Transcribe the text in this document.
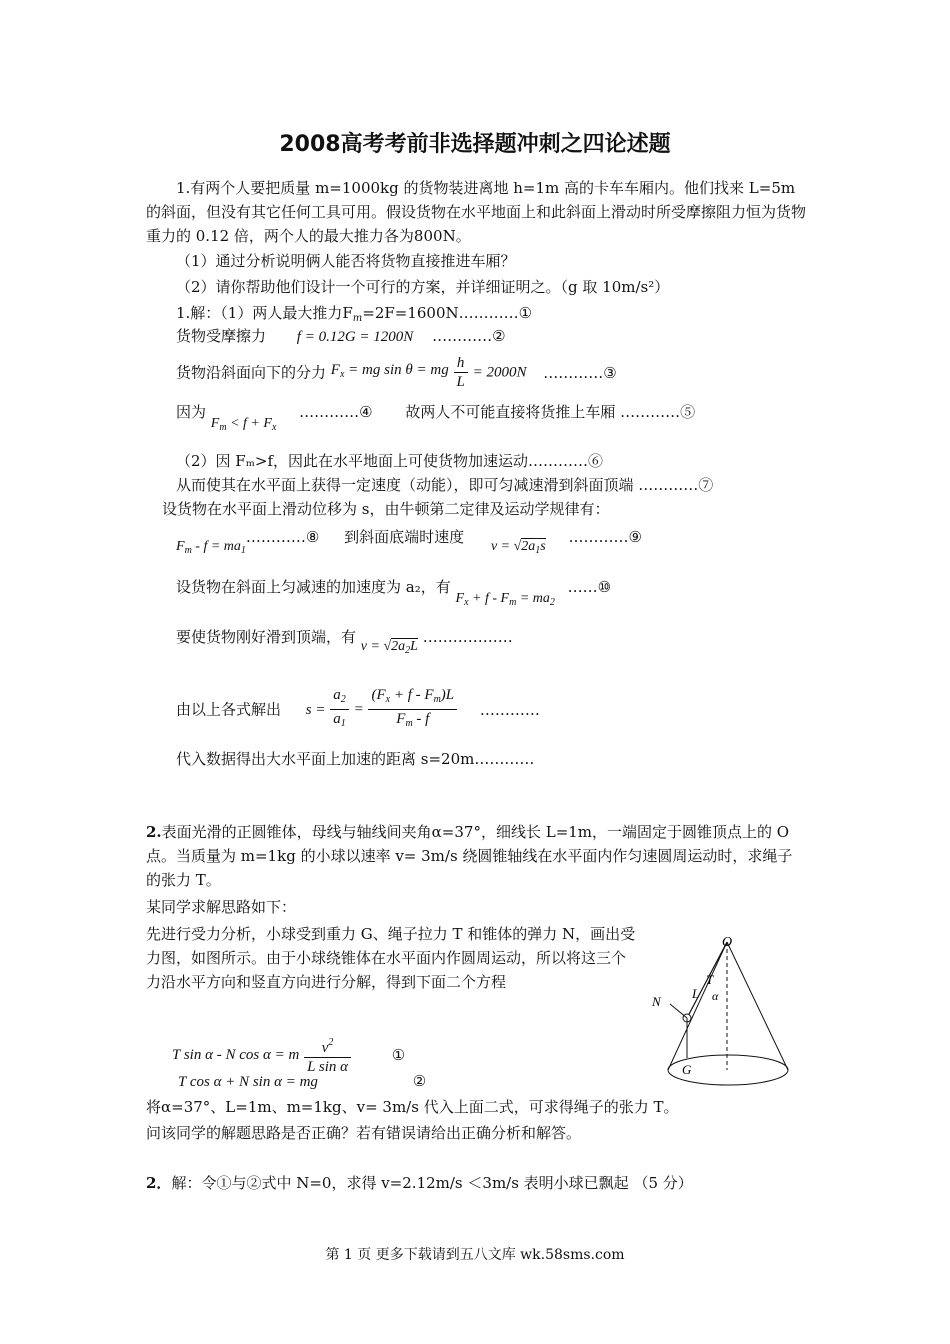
2008高考考前非选择题冲刺之四论述题
1.有两个人要把质量 m=1000kg 的货物装进离地 h=1m 高的卡车车厢内。他们找来 L=5m 的斜面，但没有其它任何工具可用。假设货物在水平地面上和此斜面上滑动时所受摩擦阻力恒为货物重力的 0.12 倍，两个人的最大推力各为800N。
（1）通过分析说明俩人能否将货物直接推进车厢？
（2）请你帮助他们设计一个可行的方案，并详细证明之。（g 取 10m/s²）
1.解：（1）两人最大推力$F_m=2F=1600N\dots\dots\dots\dots ①$
货物受摩擦力 f = 0.12G = 1200N …………②
货物沿斜面向下的分力 $F_x$ = mg sin θ = mg $\frac{h}{L} = 2000N$ …………③
因为 $F_m < f + F_x$ …………④ 故两人不可能直接将货推上车厢 …………⑤
（2）因 Fₘ>f，因此在水平地面上可使货物加速运动…………⑥
从而使其在水平面上获得一定速度（动能），即可匀减速滑到斜面顶端 …………⑦
设货物在水平面上滑动位移为 s，由牛顿第二定律及运动学规律有：
$F_m$ - $f = ma_1\dots\dots\dots\dots ⑧$ 到斜面底端时速度 $v = √2a_1s$ …………⑨
设货物在斜面上匀减速的加速度为 a₂，有 $F_x + f - F_m = ma_2$ ……⑩
要使货物刚好滑到顶端，有 $v = √2a_2L$ ………………
由以上各式解出 $s = \frac{a_2}{a_1} = \frac{(F_x + f - F_m)L}{F_m - f}$ …………
代入数据得出大水平面上加速的距离 s=20m…………
2.表面光滑的正圆锥体，母线与轴线间夹角α=37°，细线长 L=1m，一端固定于圆锥顶点上的 O 点。当质量为 m=1kg 的小球以速率 v= 3m/s 绕圆锥轴线在水平面内作匀速圆周运动时，求绳子的张力 T。
某同学求解思路如下：
先进行受力分析，小球受到重力 G、绳子拉力 T 和锥体的弹力 N，画出受力图，如图所示。由于小球绕锥体在水平面内作圆周运动，所以将这三个力沿水平方向和竖直方向进行分解，得到下面二个方程
T sin α - N cos α = m $\frac{v^2}{\text{L sin α}}$	①
T cos α + N sin α = mg	②
将α=37°、L=1m、m=1kg、v= 3m/s 代入上面二式，可求得绳子的张力 T。
问该同学的解题思路是否正确？若有错误请给出正确分析和解答。
2．解：令①与②式中 N=0，求得 v=2.12m/s ＜3m/s 表明小球已飘起 （5 分）
O
T
L α
N
G
第 1 页 更多下载请到五八文库 wk.58sms.com
